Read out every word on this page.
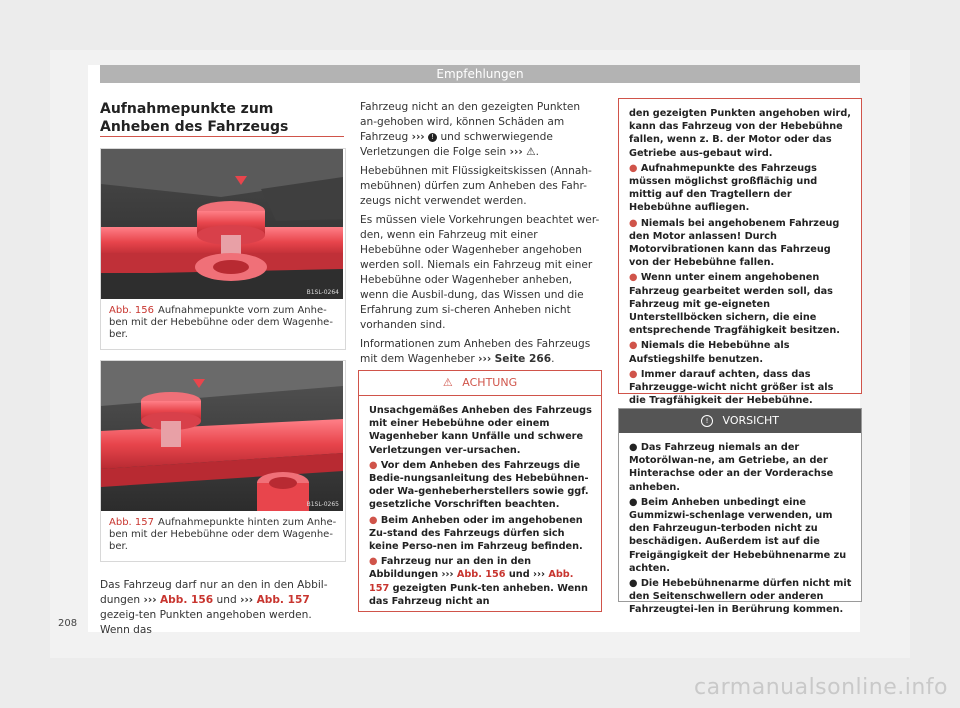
Empfehlungen
Aufnahmepunkte zum Anheben des Fahrzeugs
B1SL-0264
Abb. 156 Aufnahmepunkte vorn zum Anhe-ben mit der Hebebühne oder dem Wagenhe-ber.
B1SL-0265
Abb. 157 Aufnahmepunkte hinten zum Anhe-ben mit der Hebebühne oder dem Wagenhe-ber.
Das Fahrzeug darf nur an den in den Abbil-dungen ››› Abb. 156 und ››› Abb. 157 gezeig-ten Punkten angehoben werden. Wenn das

Fahrzeug nicht an den gezeigten Punkten an-gehoben wird, können Schäden am Fahrzeug ››› ! und schwerwiegende Verletzungen die Folge sein ››› ⚠.

Hebebühnen mit Flüssigkeitskissen (Annah-mebühnen) dürfen zum Anheben des Fahr-zeugs nicht verwendet werden.

Es müssen viele Vorkehrungen beachtet wer-den, wenn ein Fahrzeug mit einer Hebebühne oder Wagenheber angehoben werden soll. Niemals ein Fahrzeug mit einer Hebebühne oder Wagenheber anheben, wenn die Ausbil-dung, das Wissen und die Erfahrung zum si-cheren Anheben nicht vorhanden sind.

Informationen zum Anheben des Fahrzeugs mit dem Wagenheber ››› Seite 266.

⚠ ACHTUNG

Unsachgemäßes Anheben des Fahrzeugs mit einer Hebebühne oder einem Wagenheber kann Unfälle und schwere Verletzungen ver-ursachen.

● Vor dem Anheben des Fahrzeugs die Bedie-nungsanleitung des Hebebühnen-oder Wa-genheberherstellers sowie ggf. gesetzliche Vorschriften beachten.

● Beim Anheben oder im angehobenen Zu-stand des Fahrzeugs dürfen sich keine Perso-nen im Fahrzeug befinden.

● Fahrzeug nur an den in den Abbildungen ››› Abb. 156 und ››› Abb. 157 gezeigten Punk-ten anheben. Wenn das Fahrzeug nicht an

den gezeigten Punkten angehoben wird, kann das Fahrzeug von der Hebebühne fallen, wenn z. B. der Motor oder das Getriebe aus-gebaut wird.

● Aufnahmepunkte des Fahrzeugs müssen möglichst großflächig und mittig auf den Tragtellern der Hebebühne aufliegen.

● Niemals bei angehobenem Fahrzeug den Motor anlassen! Durch Motorvibrationen kann das Fahrzeug von der Hebebühne fallen.

● Wenn unter einem angehobenen Fahrzeug gearbeitet werden soll, das Fahrzeug mit ge-eigneten Unterstellböcken sichern, die eine entsprechende Tragfähigkeit besitzen.

● Niemals die Hebebühne als Aufstiegshilfe benutzen.

● Immer darauf achten, dass das Fahrzeugge-wicht nicht größer ist als die Tragfähigkeit der Hebebühne.

! VORSICHT

● Das Fahrzeug niemals an der Motorölwan-ne, am Getriebe, an der Hinterachse oder an der Vorderachse anheben.

● Beim Anheben unbedingt eine Gummizwi-schenlage verwenden, um den Fahrzeugun-terboden nicht zu beschädigen. Außerdem ist auf die Freigängigkeit der Hebebühnenarme zu achten.

● Die Hebebühnenarme dürfen nicht mit den Seitenschwellern oder anderen Fahrzeugtei-len in Berührung kommen.

208
carmanualsonline.info
